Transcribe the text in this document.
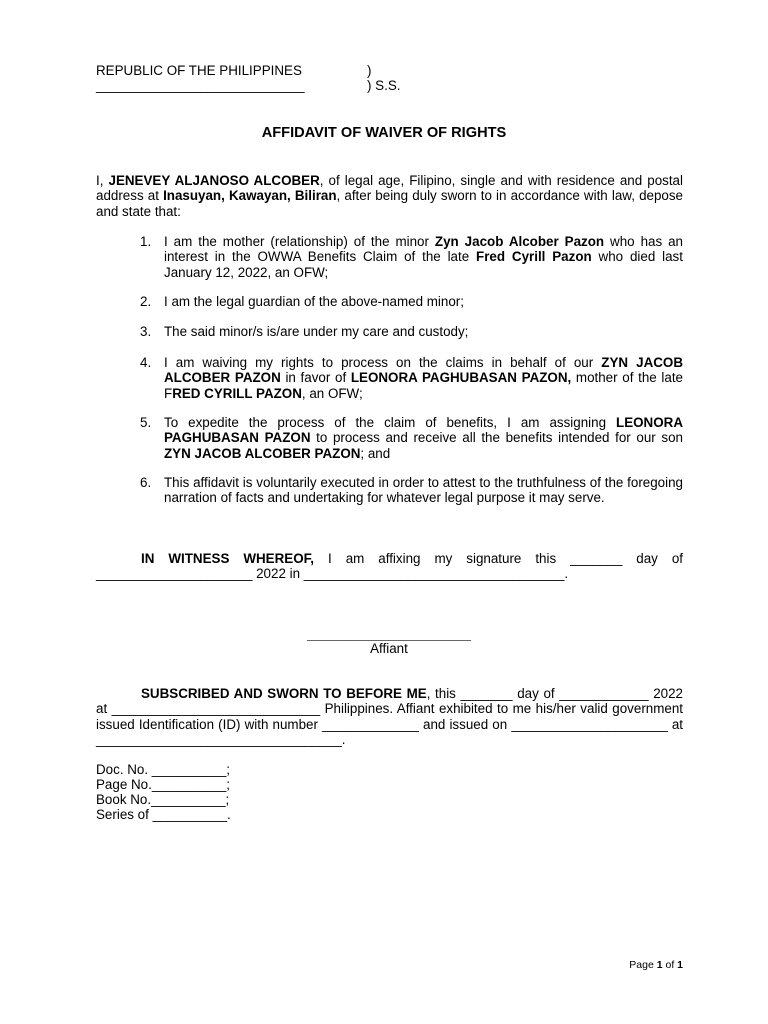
REPUBLIC OF THE PHILIPPINES	)
____________________________	) S.S.
AFFIDAVIT OF WAIVER OF RIGHTS
I, JENEVEY ALJANOSO ALCOBER, of legal age, Filipino, single and with residence and postal address at Inasuyan, Kawayan, Biliran, after being duly sworn to in accordance with law, depose and state that:
1. I am the mother (relationship) of the minor Zyn Jacob Alcober Pazon who has an interest in the OWWA Benefits Claim of the late Fred Cyrill Pazon who died last January 12, 2022, an OFW;
2. I am the legal guardian of the above-named minor;
3. The said minor/s is/are under my care and custody;
4. I am waiving my rights to process on the claims in behalf of our ZYN JACOB ALCOBER PAZON in favor of LEONORA PAGHUBASAN PAZON, mother of the late FRED CYRILL PAZON, an OFW;
5. To expedite the process of the claim of benefits, I am assigning LEONORA PAGHUBASAN PAZON to process and receive all the benefits intended for our son ZYN JACOB ALCOBER PAZON; and
6. This affidavit is voluntarily executed in order to attest to the truthfulness of the foregoing narration of facts and undertaking for whatever legal purpose it may serve.
IN WITNESS WHEREOF, I am affixing my signature this _______ day of _____________________ 2022 in ___________________________________.
______________________
Affiant
SUBSCRIBED AND SWORN TO BEFORE ME, this _______ day of ____________ 2022 at ____________________________ Philippines. Affiant exhibited to me his/her valid government issued Identification (ID) with number _____________ and issued on _____________________ at _________________________________.
Doc. No. __________;
Page No.__________;
Book No.__________;
Series of __________.
Page 1 of 1
